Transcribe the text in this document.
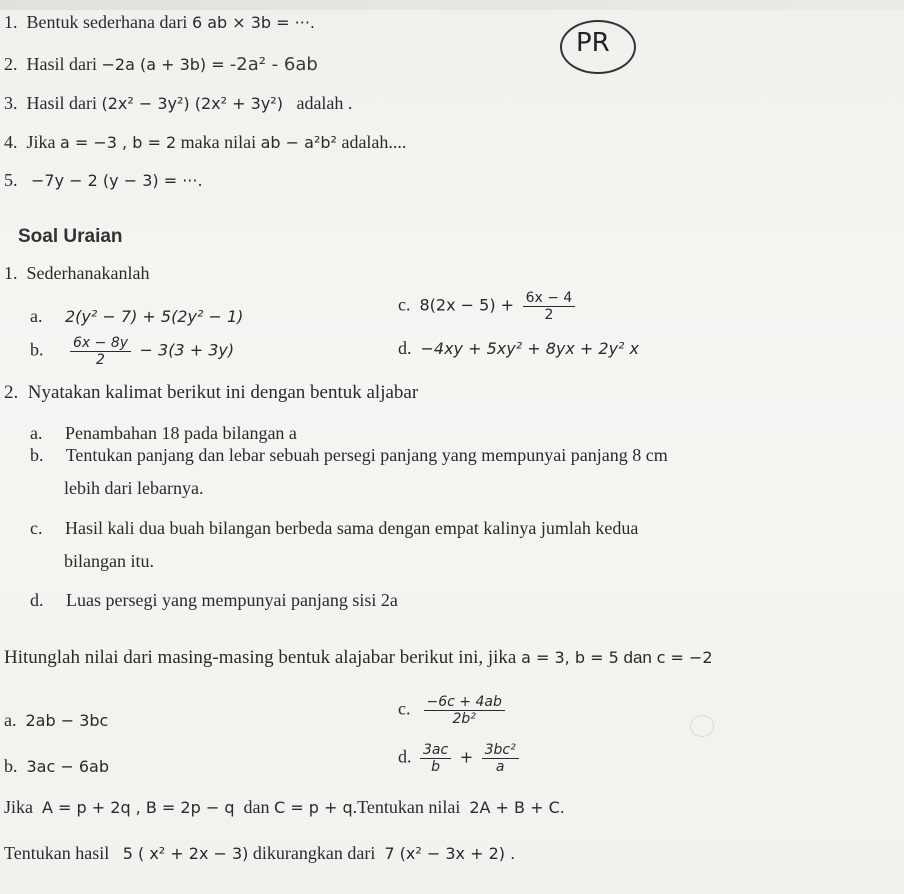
PR
1. Bentuk sederhana dari 6 ab × 3b = ···.
2. Hasil dari −2a (a + 3b) = -2a² - 6ab
3. Hasil dari (2x² − 3y²) (2x² + 3y²) adalah .
4. Jika a = −3 , b = 2 maka nilai ab − a²b² adalah....
5. −7y − 2 (y − 3) = ···.
Soal Uraian
1. Sederhanakanlah
a. 2(y² − 7) + 5(2y² − 1)
c. $8(2x - 5) + \frac{6x - 4}{2}$
b. $\frac{6x - 8y}{2} - 3(3 + 3y)$	d. −4xy + 5xy² + 8yx + 2y² x
2. Nyatakan kalimat berikut ini dengan bentuk aljabar
a. Penambahan 18 pada bilangan a
b. Tentukan panjang dan lebar sebuah persegi panjang yang mempunyai panjang 8 cm
lebih dari lebarnya.
c. Hasil kali dua buah bilangan berbeda sama dengan empat kalinya jumlah kedua
bilangan itu.
d. Luas persegi yang mempunyai panjang sisi 2a
Hitunglah nilai dari masing-masing bentuk alajabar berikut ini, jika a = 3, b = 5 dan c = −2
a. 2ab − 3bc
c. $\frac{-6c + 4ab}{\text{2b²}}$
b. 3ac − 6ab	d. $\frac{3ac}{b} + \frac{\text{3bc²}}{a}$
Jika A = p + 2q , B = 2p − q dan C = p + q.Tentukan nilai 2A + B + C.
Tentukan hasil 5 ( x² + 2x − 3) dikurangkan dari 7 (x² − 3x + 2) .
